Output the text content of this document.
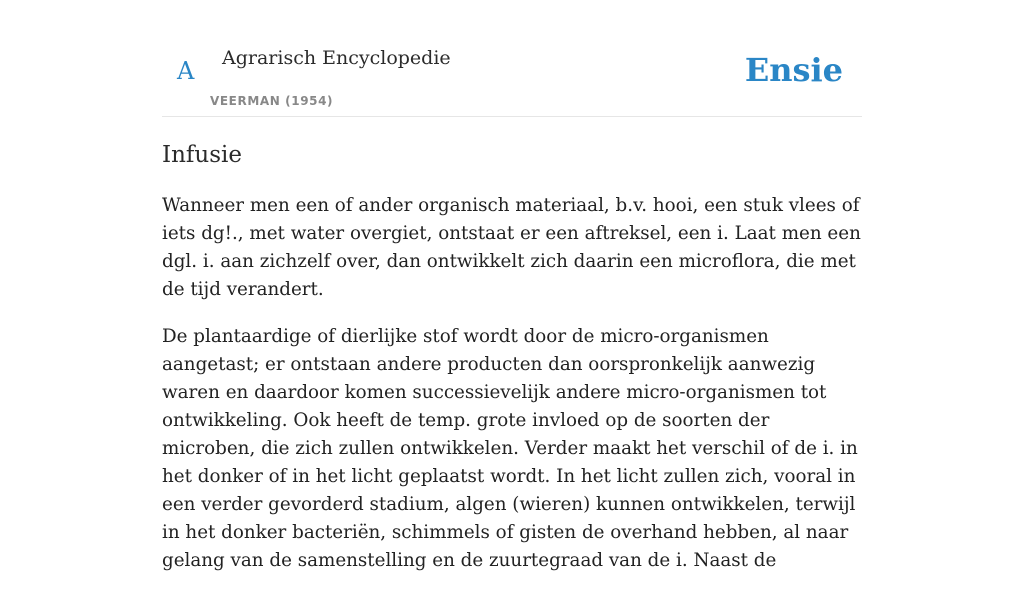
A Agrarisch Encyclopedie
VEERMAN (1954)
Ensie
Infusie

Wanneer men een of ander organisch materiaal, b.v. hooi, een stuk vlees of iets dg!., met water overgiet, ontstaat er een aftreksel, een i. Laat men een dgl. i. aan zichzelf over, dan ontwikkelt zich daarin een microflora, die met de tijd verandert.

De plantaardige of dierlijke stof wordt door de micro-organismen aangetast; er ontstaan andere producten dan oorspronkelijk aanwezig waren en daardoor komen successievelijk andere micro-organismen tot ontwikkeling. Ook heeft de temp. grote invloed op de soorten der microben, die zich zullen ontwikkelen. Verder maakt het verschil of de i. in het donker of in het licht geplaatst wordt. In het licht zullen zich, vooral in een verder gevorderd stadium, algen (wieren) kunnen ontwikkelen, terwijl in het donker bacteriën, schimmels of gisten de overhand hebben, al naar gelang van de samenstelling en de zuurtegraad van de i. Naast de
